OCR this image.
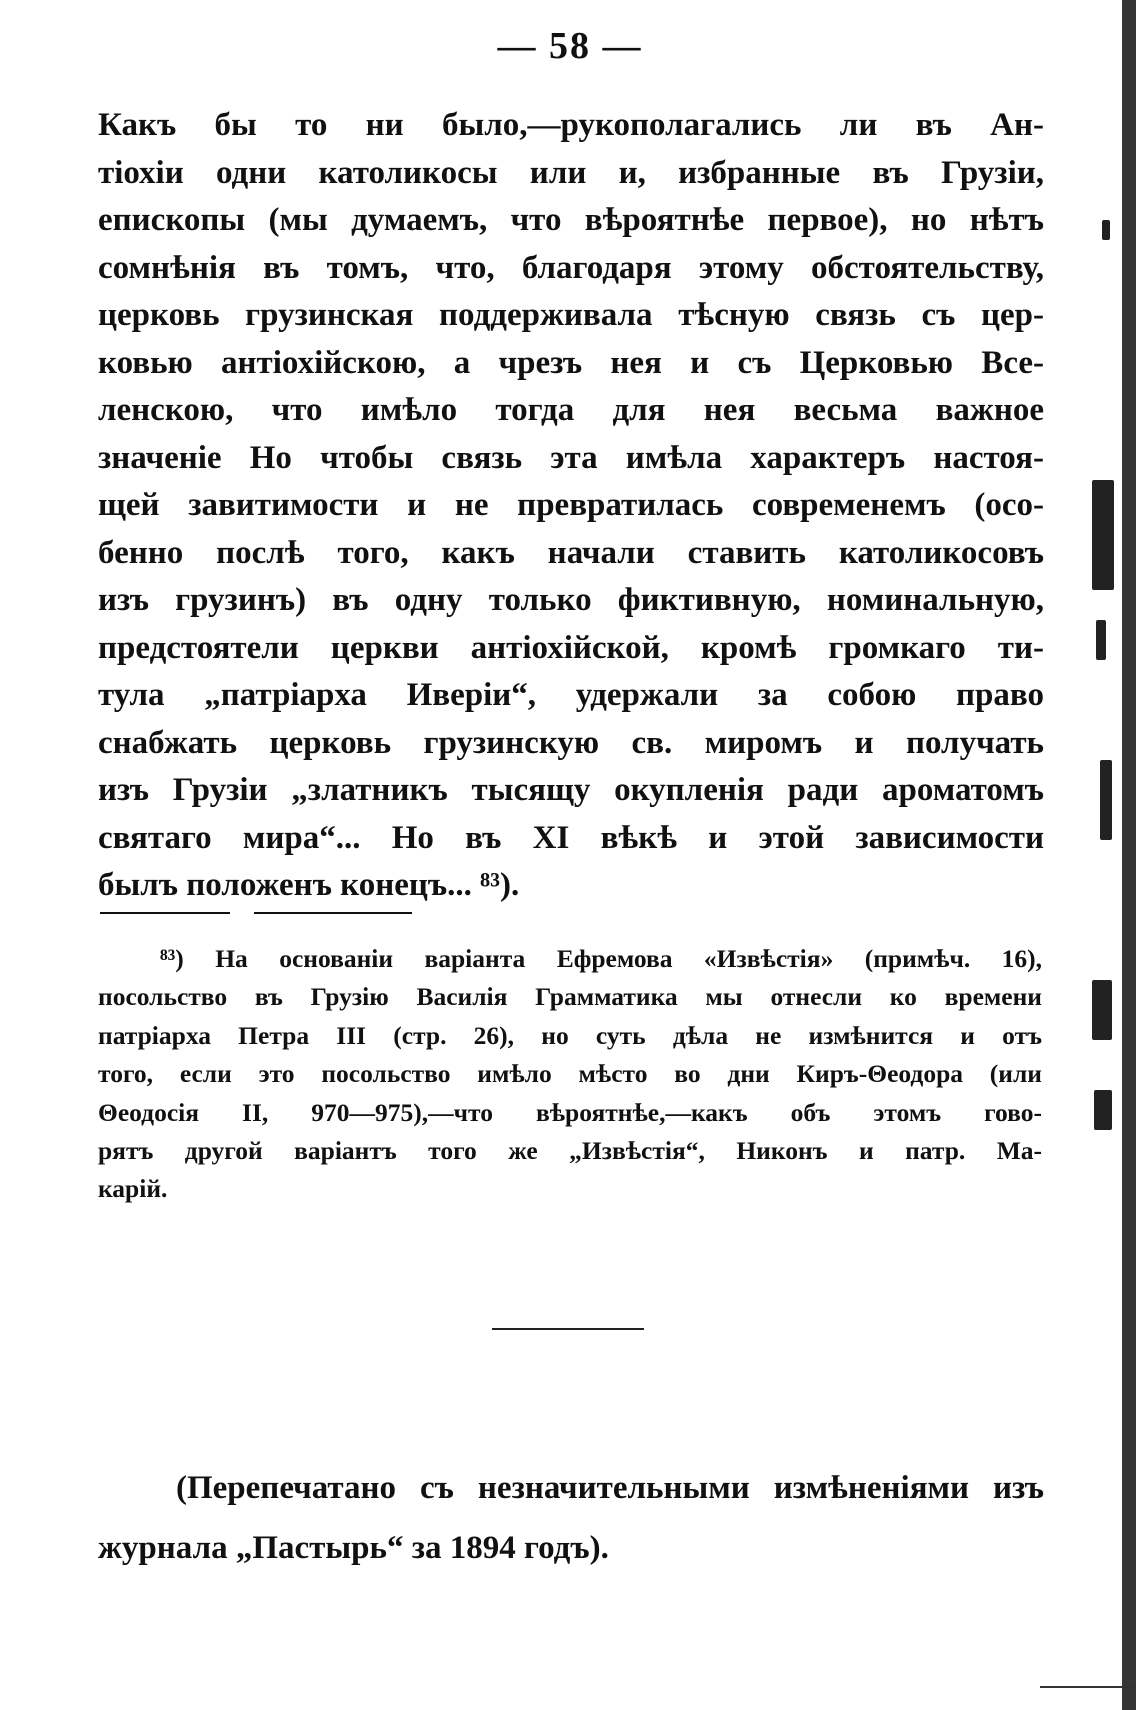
— 58 —
Какъ бы то ни было,—рукополагались ли въ Ан-
тіохіи одни католикосы или и, избранные въ Грузіи,
епископы (мы думаемъ, что вѣроятнѣе первое), но нѣтъ
сомнѣнія въ томъ, что, благодаря этому обстоятельству,
церковь грузинская поддерживала тѣсную связь съ цер-
ковью антіохійскою, а чрезъ нея и съ Церковью Все-
ленскою, что имѣло тогда для нея весьма важное
значеніе Но чтобы связь эта имѣла характеръ настоя-
щей завитимости и не превратилась современемъ (осо-
бенно послѣ того, какъ начали ставить католикосовъ
изъ грузинъ) въ одну только фиктивную, номинальную,
предстоятели церкви антіохійской, кромѣ громкаго ти-
тула „патріарха Иверіи“, удержали за собою право
снабжать церковь грузинскую св. миромъ и получать
изъ Грузіи „златникъ тысящу окупленія ради ароматомъ
святаго мира“... Но въ XI вѣкѣ и этой зависимости
былъ положенъ конецъ... ⁸³).
⁸³) На основаніи варіанта Ефремова «Извѣстія» (примѣч. 16),
посольство въ Грузію Василія Грамматика мы отнесли ко времени
патріарха Петра III (стр. 26), но суть дѣла не измѣнится и отъ
того, если это посольство имѣло мѣсто во дни Киръ-Θеодора (или
Θеодосія II, 970—975),—что вѣроятнѣе,—какъ объ этомъ гово-
рятъ другой варіантъ того же „Извѣстія“, Никонъ и патр. Ма-
карій.
(Перепечатано съ незначительными измѣненіями изъ
журнала „Пастырь“ за 1894 годъ).
